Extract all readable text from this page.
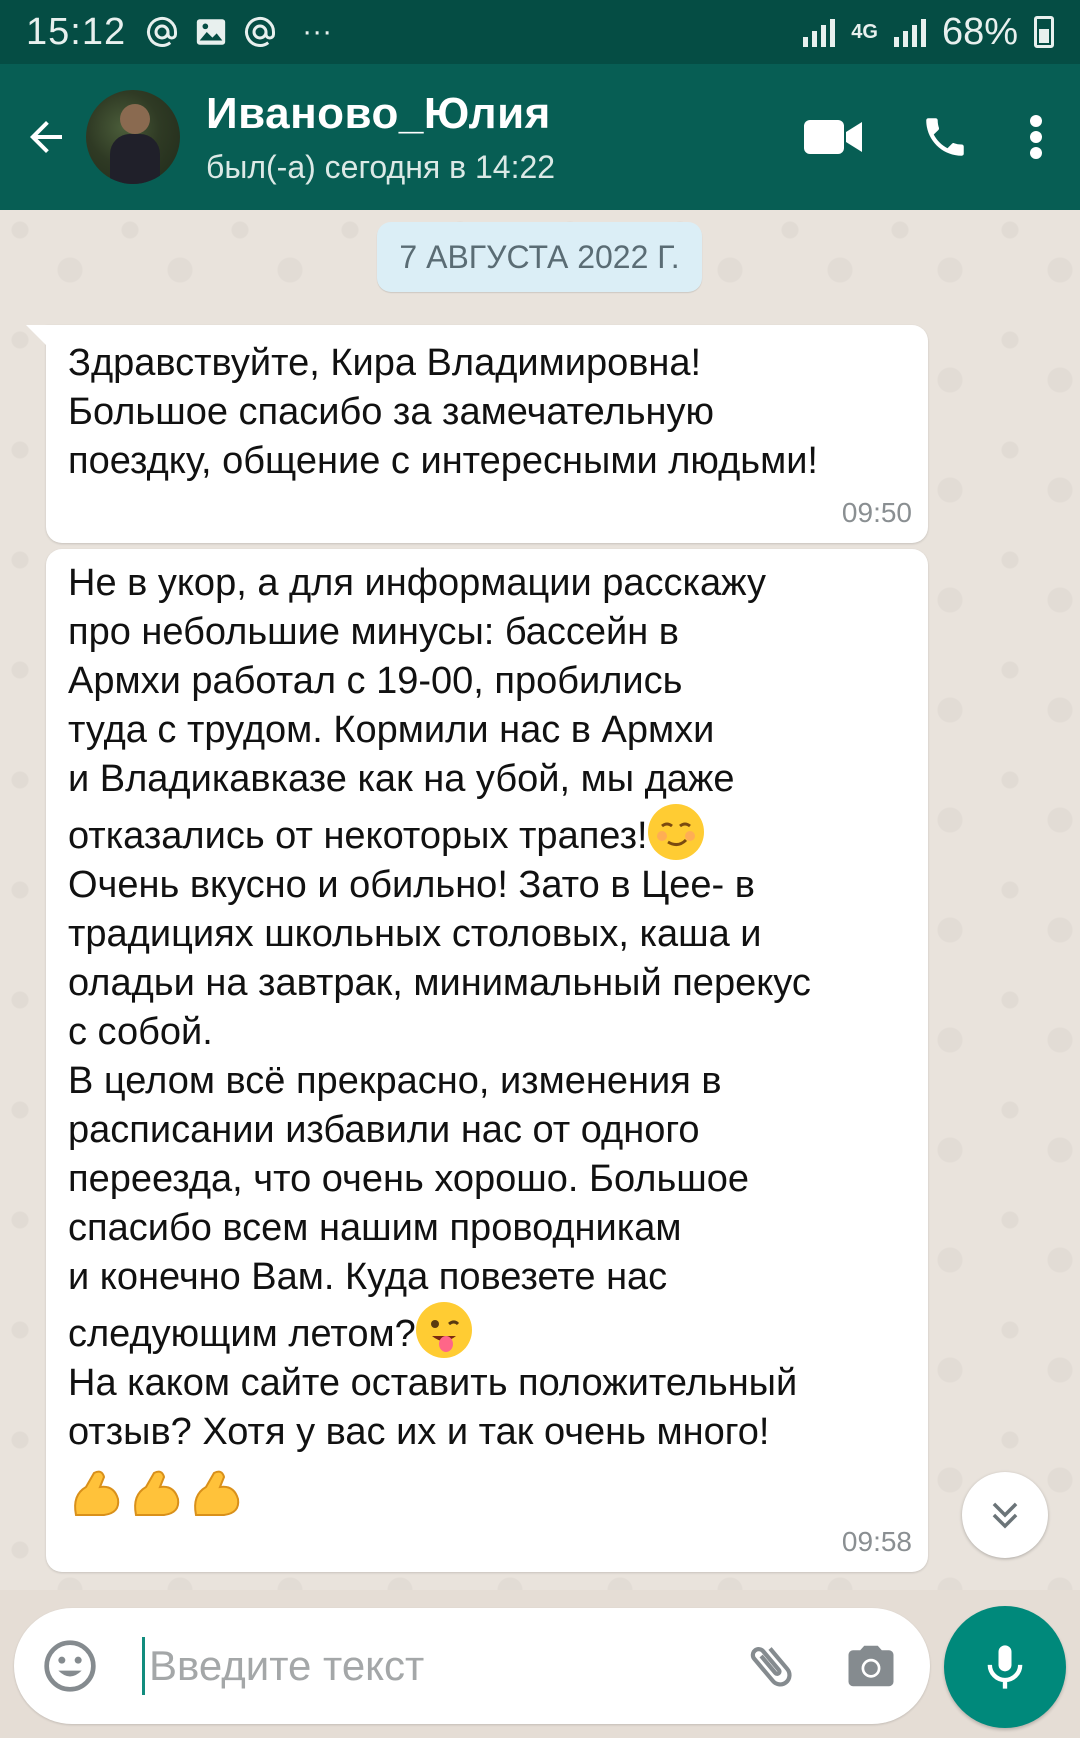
15:12	···	4G 68%
Иваново_Юлия
был(-а) сегодня в 14:22
7 АВГУСТА 2022 Г.
Здравствуйте, Кира Владимировна!
Большое спасибо за замечательную
поездку, общение с интересными людьми!
09:50
Не в укор, а для информации расскажу
про небольшие минусы: бассейн в
Армхи работал с 19-00, пробились
туда с трудом. Кормили нас в Армхи
и Владикавказе как на убой, мы даже
отказались от некоторых трапез!
Очень вкусно и обильно! Зато в Цее- в
традициях школьных столовых, каша и
оладьи на завтрак, минимальный перекус
с собой.
В целом всё прекрасно, изменения в
расписании избавили нас от одного
переезда, что очень хорошо. Большое
спасибо всем нашим проводникам
и конечно Вам. Куда повезете нас
следующим летом?
На каком сайте оставить положительный
отзыв? Хотя у вас их и так очень много!

09:58
Введите текст
